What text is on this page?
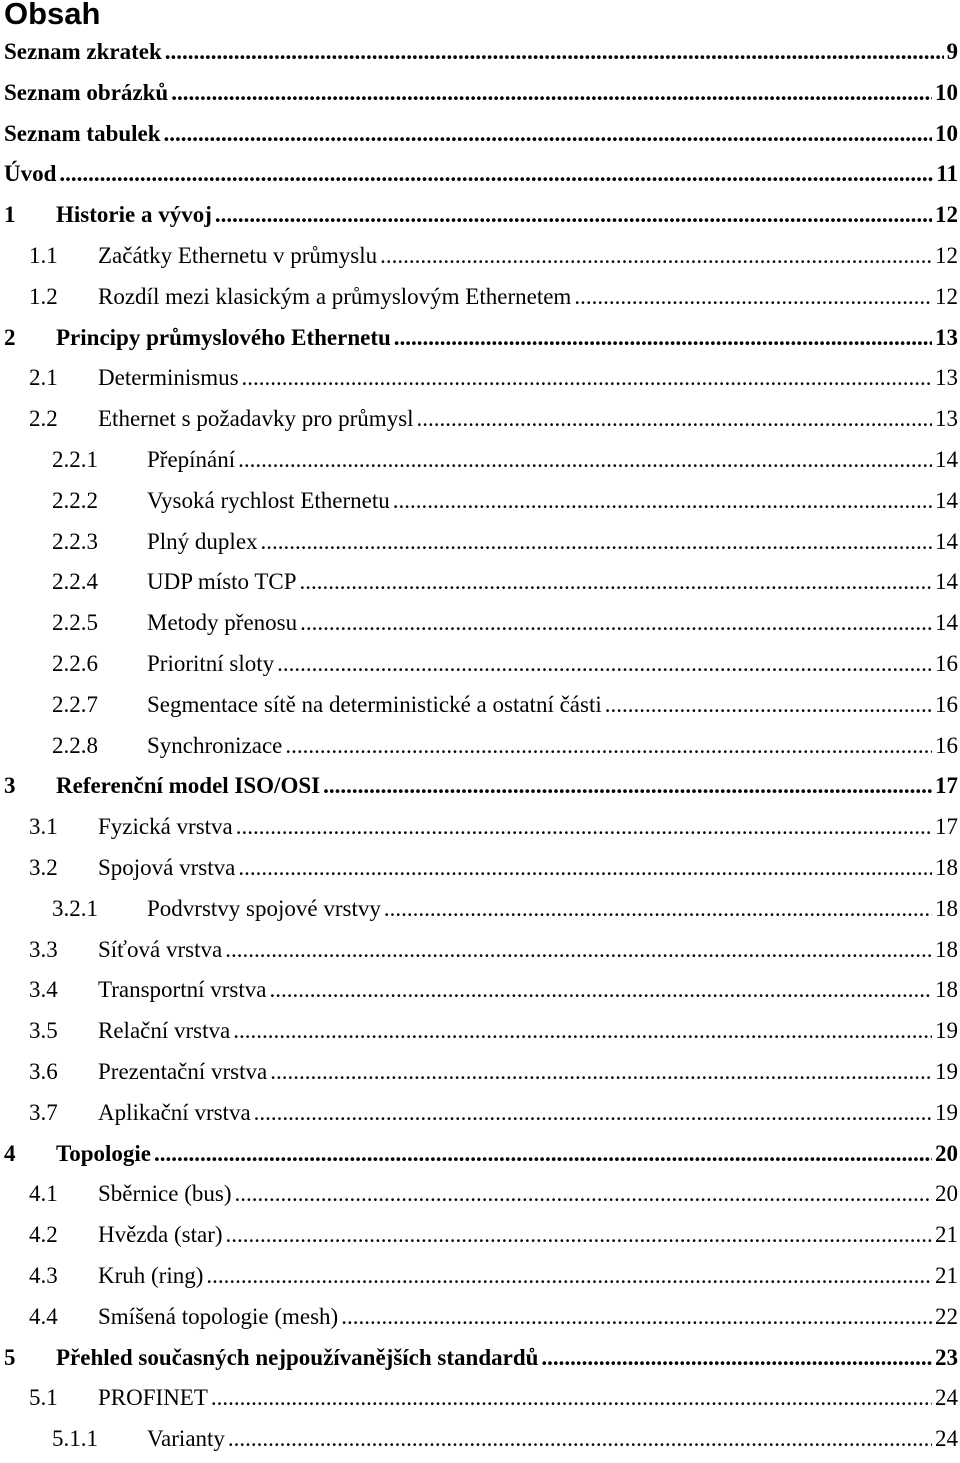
Obsah
Seznam zkratek .....	9
Seznam obrázků .....	10
Seznam tabulek .....	10
Úvod .....	11
1 Historie a vývoj .....	12
1.1 Začátky Ethernetu v průmyslu .....	12
1.2 Rozdíl mezi klasickým a průmyslovým Ethernetem .....	12
2 Principy průmyslového Ethernetu .....	13
2.1 Determinismus .....	13
2.2 Ethernet s požadavky pro průmysl .....	13
2.2.1 Přepínání .....	14
2.2.2 Vysoká rychlost Ethernetu .....	14
2.2.3 Plný duplex .....	14
2.2.4 UDP místo TCP .....	14
2.2.5 Metody přenosu .....	14
2.2.6 Prioritní sloty .....	16
2.2.7 Segmentace sítě na deterministické a ostatní části .....	16
2.2.8 Synchronizace .....	16
3 Referenční model ISO/OSI .....	17
3.1 Fyzická vrstva .....	17
3.2 Spojová vrstva .....	18
3.2.1 Podvrstvy spojové vrstvy .....	18
3.3 Síťová vrstva .....	18
3.4 Transportní vrstva .....	18
3.5 Relační vrstva .....	19
3.6 Prezentační vrstva .....	19
3.7 Aplikační vrstva .....	19
4 Topologie .....	20
4.1 Sběrnice (bus) .....	20
4.2 Hvězda (star) .....	21
4.3 Kruh (ring) .....	21
4.4 Smíšená topologie (mesh) .....	22
5 Přehled současných nejpoužívanějších standardů .....	23
5.1 PROFINET .....	24
5.1.1 Varianty .....	24
